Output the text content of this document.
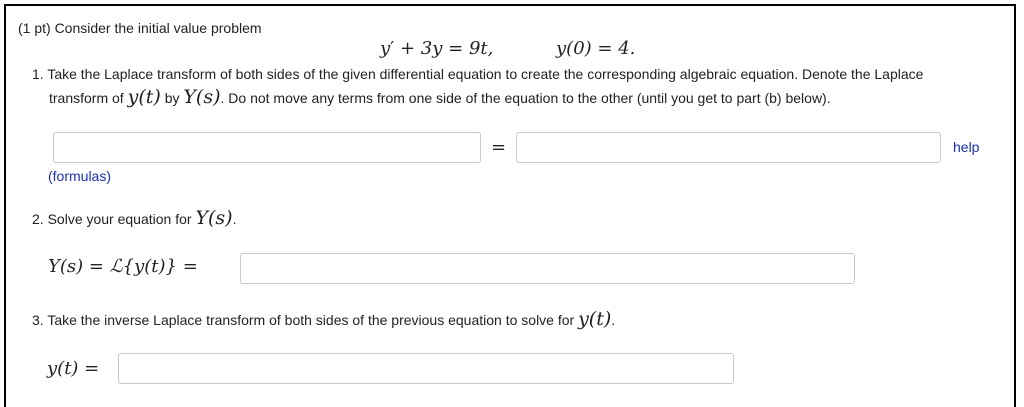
(1 pt) Consider the initial value problem
y′ + 3y = 9t,	y(0) = 4.
1. Take the Laplace transform of both sides of the given differential equation to create the corresponding algebraic equation. Denote the Laplace
transform of y(t) by Y(s). Do not move any terms from one side of the equation to the other (until you get to part (b) below).
=	help
(formulas)
2. Solve your equation for Y(s).
Y(s) = ℒ{y(t)} =
3. Take the inverse Laplace transform of both sides of the previous equation to solve for y(t).
y(t) =
